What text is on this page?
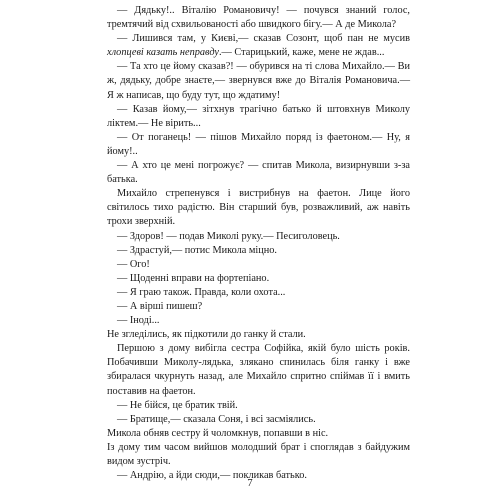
— Дядьку!.. Віталію Романовичу! — почувся знаний голос, тремтячий від схвильованості або швидкого бігу.— А де Микола?

— Лишився там, у Києві,— сказав Созонт, щоб пан не мусив хлопцеві казать неправду.— Старицький, каже, мене не ждав...

— Та хто це йому сказав?! — обурився на ті слова Михайло.— Ви ж, дядьку, добре знаєте,— звернувся вже до Віталія Романовича.— Я ж написав, що буду тут, що ждатиму!

— Казав йому,— зітхнув трагічно батько й штовхнув Миколу ліктем.— Не вірить...

— От поганець! — пішов Михайло поряд із фаетоном.— Ну, я йому!..

— А хто це мені погрожує? — спитав Микола, визирнувши з-за батька.

Михайло стрепенувся і вистрибнув на фаетон. Лице його світилось тихо радістю. Він старший був, розважливий, аж навіть трохи зверхній.

— Здоров! — подав Миколі руку.— Песиголовець.

— Здрастуй,— потис Микола міцно.

— Ого!

— Щоденні вправи на фортепіано.

— Я граю також. Правда, коли охота...

— А вірші пишеш?

— Іноді...

Не згледілись, як підкотили до ганку й стали.

Першою з дому вибігла сестра Софійка, якій було шість років. Побачивши Миколу-лядька, злякано спинилась біля ганку і вже збиралася чкурнуть назад, але Михайло спритно спіймав її і вмить поставив на фаетон.

— Не бійся, це братик твій.

— Братище,— сказала Соня, і всі засміялись.

Микола обняв сестру й чоломкнув, попавши в ніс.

Із дому тим часом вийшов молодший брат і споглядав з байдужим видом зустріч.

— Андрію, а йди сюди,— покликав батько.

7
